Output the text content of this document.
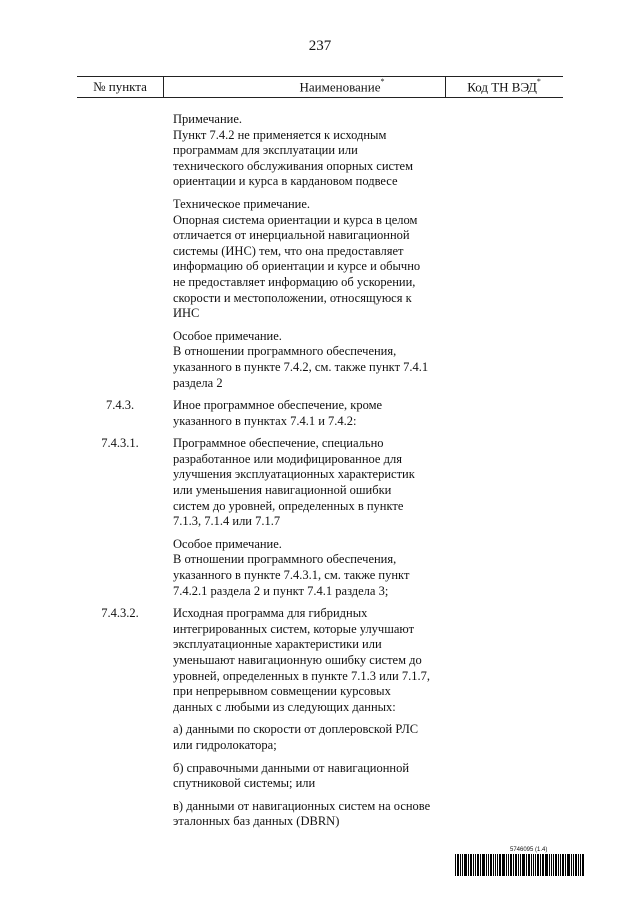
237
№ пункта	Наименование*	Код ТН ВЭД*
Примечание.
Пункт 7.4.2 не применяется к исходным
программам для эксплуатации или
технического обслуживания опорных систем
ориентации и курса в кардановом подвесе
Техническое примечание.
Опорная система ориентации и курса в целом
отличается от инерциальной навигационной
системы (ИНС) тем, что она предоставляет
информацию об ориентации и курсе и обычно
не предоставляет информацию об ускорении,
скорости и местоположении, относящуюся к
ИНС
Особое примечание.
В отношении программного обеспечения,
указанного в пункте 7.4.2, см. также пункт 7.4.1
раздела 2
7.4.3.	Иное программное обеспечение, кроме
указанного в пунктах 7.4.1 и 7.4.2:
7.4.3.1.	Программное обеспечение, специально
разработанное или модифицированное для
улучшения эксплуатационных характеристик
или уменьшения навигационной ошибки
систем до уровней, определенных в пункте
7.1.3, 7.1.4 или 7.1.7
Особое примечание.
В отношении программного обеспечения,
указанного в пункте 7.4.3.1, см. также пункт
7.4.2.1 раздела 2 и пункт 7.4.1 раздела 3;
7.4.3.2.	Исходная программа для гибридных
интегрированных систем, которые улучшают
эксплуатационные характеристики или
уменьшают навигационную ошибку систем до
уровней, определенных в пункте 7.1.3 или 7.1.7,
при непрерывном совмещении курсовых
данных с любыми из следующих данных:
а) данными по скорости от доплеровской РЛС
или гидролокатора;
б) справочными данными от навигационной
спутниковой системы; или
в) данными от навигационных систем на основе
эталонных баз данных (DBRN)
5746095 (1.4)
